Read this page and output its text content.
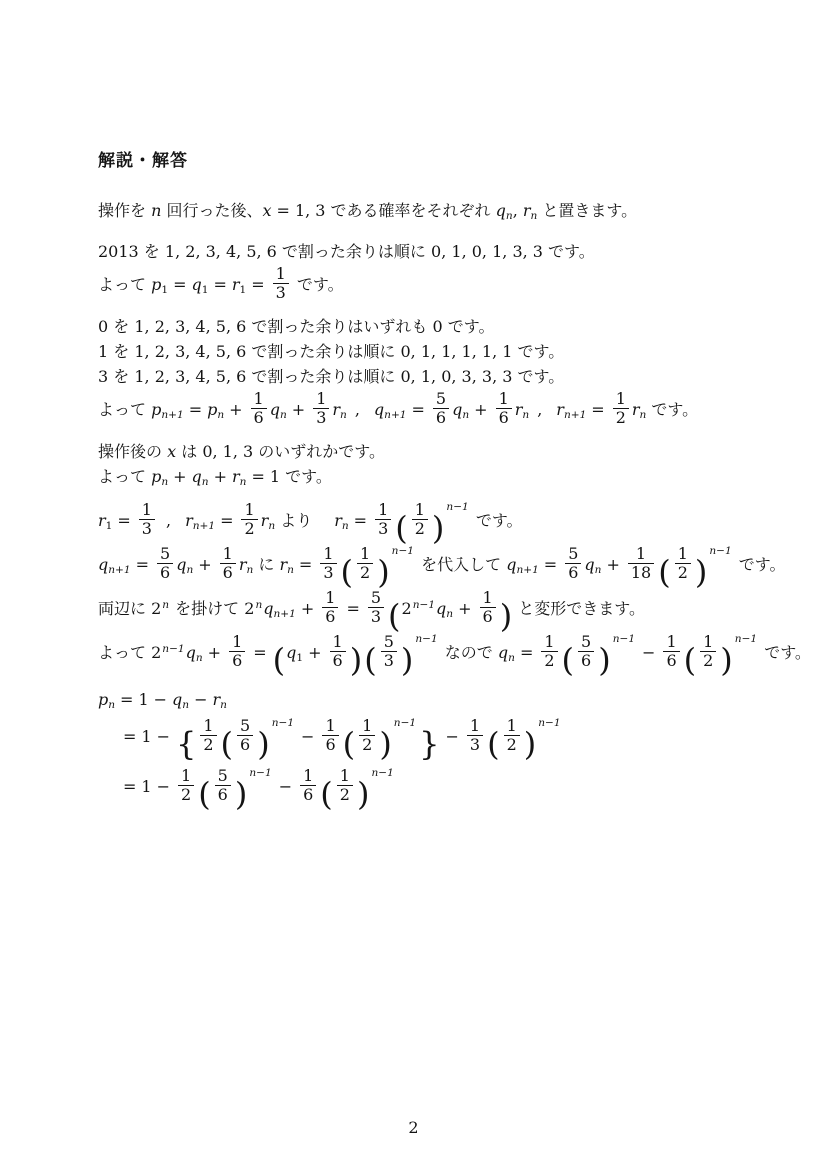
解説・解答
操作を n 回行った後、x = 1, 3 である確率をそれぞれ $q_n$, $r_n$ と置きます。
2013 を 1, 2, 3, 4, 5, 6 で割った余りは順に 0, 1, 0, 1, 3, 3 です。
よって $p_1 = q_1 = r_1 = \frac{1}{3}$ です。
0 を 1, 2, 3, 4, 5, 6 で割った余りはいずれも 0 です。
1 を 1, 2, 3, 4, 5, 6 で割った余りは順に 0, 1, 1, 1, 1, 1 です。
3 を 1, 2, 3, 4, 5, 6 で割った余りは順に 0, 1, 0, 3, 3, 3 です。
よって $p_{n+1} = p_n + \frac{1}{6} q_n + \frac{1}{3} r_n$ , $q_{n+1} = \frac{5}{6} q_n + \frac{1}{6} r_n$ , $r_{n+1} = \frac{1}{2} r_n$ です。
操作後の x は 0, 1, 3 のいずれかです。
よって $p_n + q_n + r_n = 1$ です。
$r_1 = \frac{1}{3}$ , $r_{n+1} = \frac{1}{2} r_n$ より $r_n = \frac{1}{3}$ ( $\frac{1}{2} )^{n-1}$ です。
$q_{n+1} = \frac{5}{6} q_n + \frac{1}{6} r_n$ に $r_n = \frac{1}{3}$ ( $\frac{1}{2} )^{n-1}$ を代入して $q_{n+1} = \frac{5}{6} q_n + \frac{1}{18}$ ( $\frac{1}{2} )^{n-1}$ です。
両辺に 2$^n$ を掛けて $2^nq_{n+1} + \frac{1}{6} = \frac{5}{3} (2^{n-1}q_n + \frac{1}{6}$ ) と変形できます。
よって $2^{n-1}q_n + \frac{1}{6} = (q_1 + \frac{1}{6}$ )( $\frac{5}{3} )^{n-1}$ なので $q_n = \frac{1}{2}$ ( $\frac{5}{6} )^{n-1}- \frac{1}{6}$ ( $\frac{1}{2} )^{n-1}$ です。
$p_n = 1 - q_n - r_n$
= 1 − { $\frac{1}{2}$ ( $\frac{5}{6} )^{n-1}- \frac{1}{6}$ ( $\frac{1}{2} )^{n-1}\} - \frac{1}{3}$ ( $\frac{1}{2} )^{n-1}$
= $1 - \frac{1}{2}$ ( $\frac{5}{6} )^{n-1}- \frac{1}{6}$ ( $\frac{1}{2} )^{n-1}$
2
